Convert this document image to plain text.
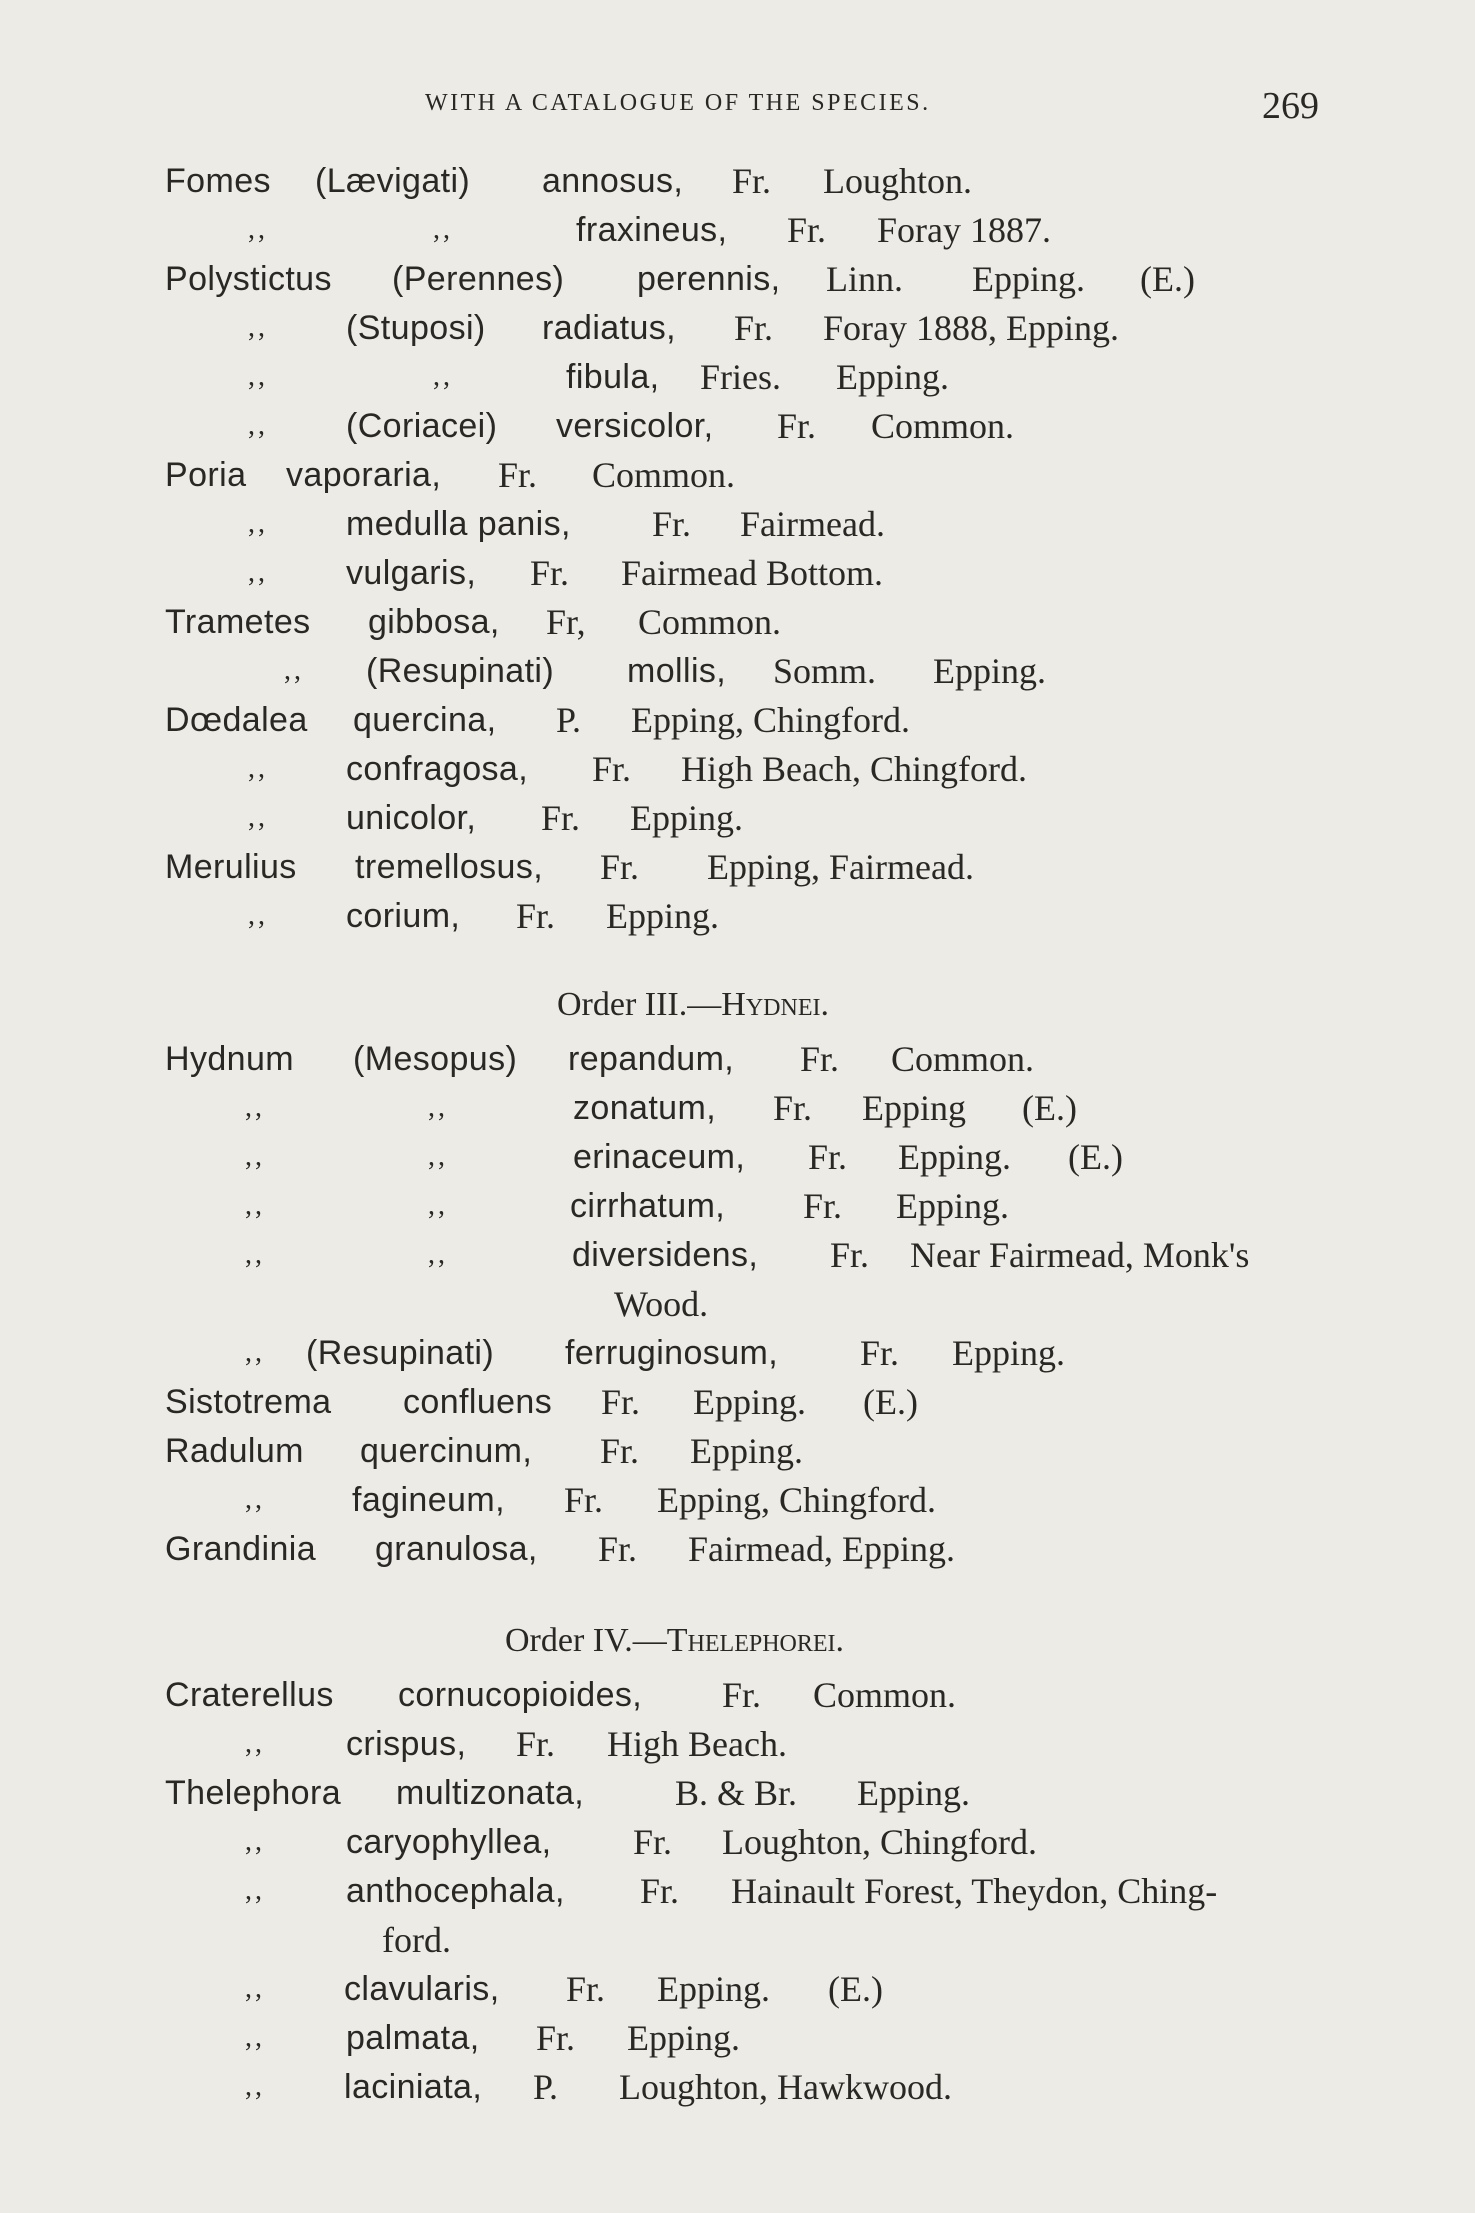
WITH A CATALOGUE OF THE SPECIES.	269
Fomes (Lævigati) annosus, Fr. Loughton.
,,	,,	fraxineus, Fr. Foray 1887.
Polystictus (Perennes) perennis, Linn. Epping. (E.)
,, (Stuposi) radiatus, Fr. Foray 1888, Epping.
,,	,,	fibula, Fries. Epping.
,, (Coriacei) versicolor, Fr. Common.
Poria vaporaria, Fr. Common.
,, medulla panis, Fr. Fairmead.
,, vulgaris, Fr. Fairmead Bottom.
Trametes gibbosa, Fr, Common.
,, (Resupinati) mollis, Somm. Epping.
Dœdalea quercina, P. Epping, Chingford.
,, confragosa, Fr. High Beach, Chingford.
,, unicolor, Fr. Epping.
Merulius tremellosus, Fr. Epping, Fairmead.
,, corium, Fr. Epping.
Order III.—Hydnei.
Hydnum (Mesopus) repandum, Fr. Common.
,,	,,	zonatum, Fr. Epping (E.)
,,	,,	erinaceum, Fr. Epping. (E.)
,,	,,	cirrhatum, Fr. Epping.
,,	,,	diversidens, Fr. Near Fairmead, Monk's
Wood.
,, (Resupinati) ferruginosum, Fr. Epping.
Sistotrema confluens Fr. Epping. (E.)
Radulum quercinum, Fr. Epping.
,,	fagineum, Fr. Epping, Chingford.
Grandinia granulosa, Fr. Fairmead, Epping.
Order IV.—Thelephorei.
Craterellus cornucopioides, Fr. Common.
,, crispus, Fr. High Beach.
Thelephora multizonata,	B. & Br. Epping.
,, caryophyllea, Fr. Loughton, Chingford.
,, anthocephala, Fr. Hainault Forest, Theydon, Ching-
ford.
,, clavularis, Fr. Epping. (E.)
,, palmata, Fr. Epping.
,, laciniata, P. Loughton, Hawkwood.
